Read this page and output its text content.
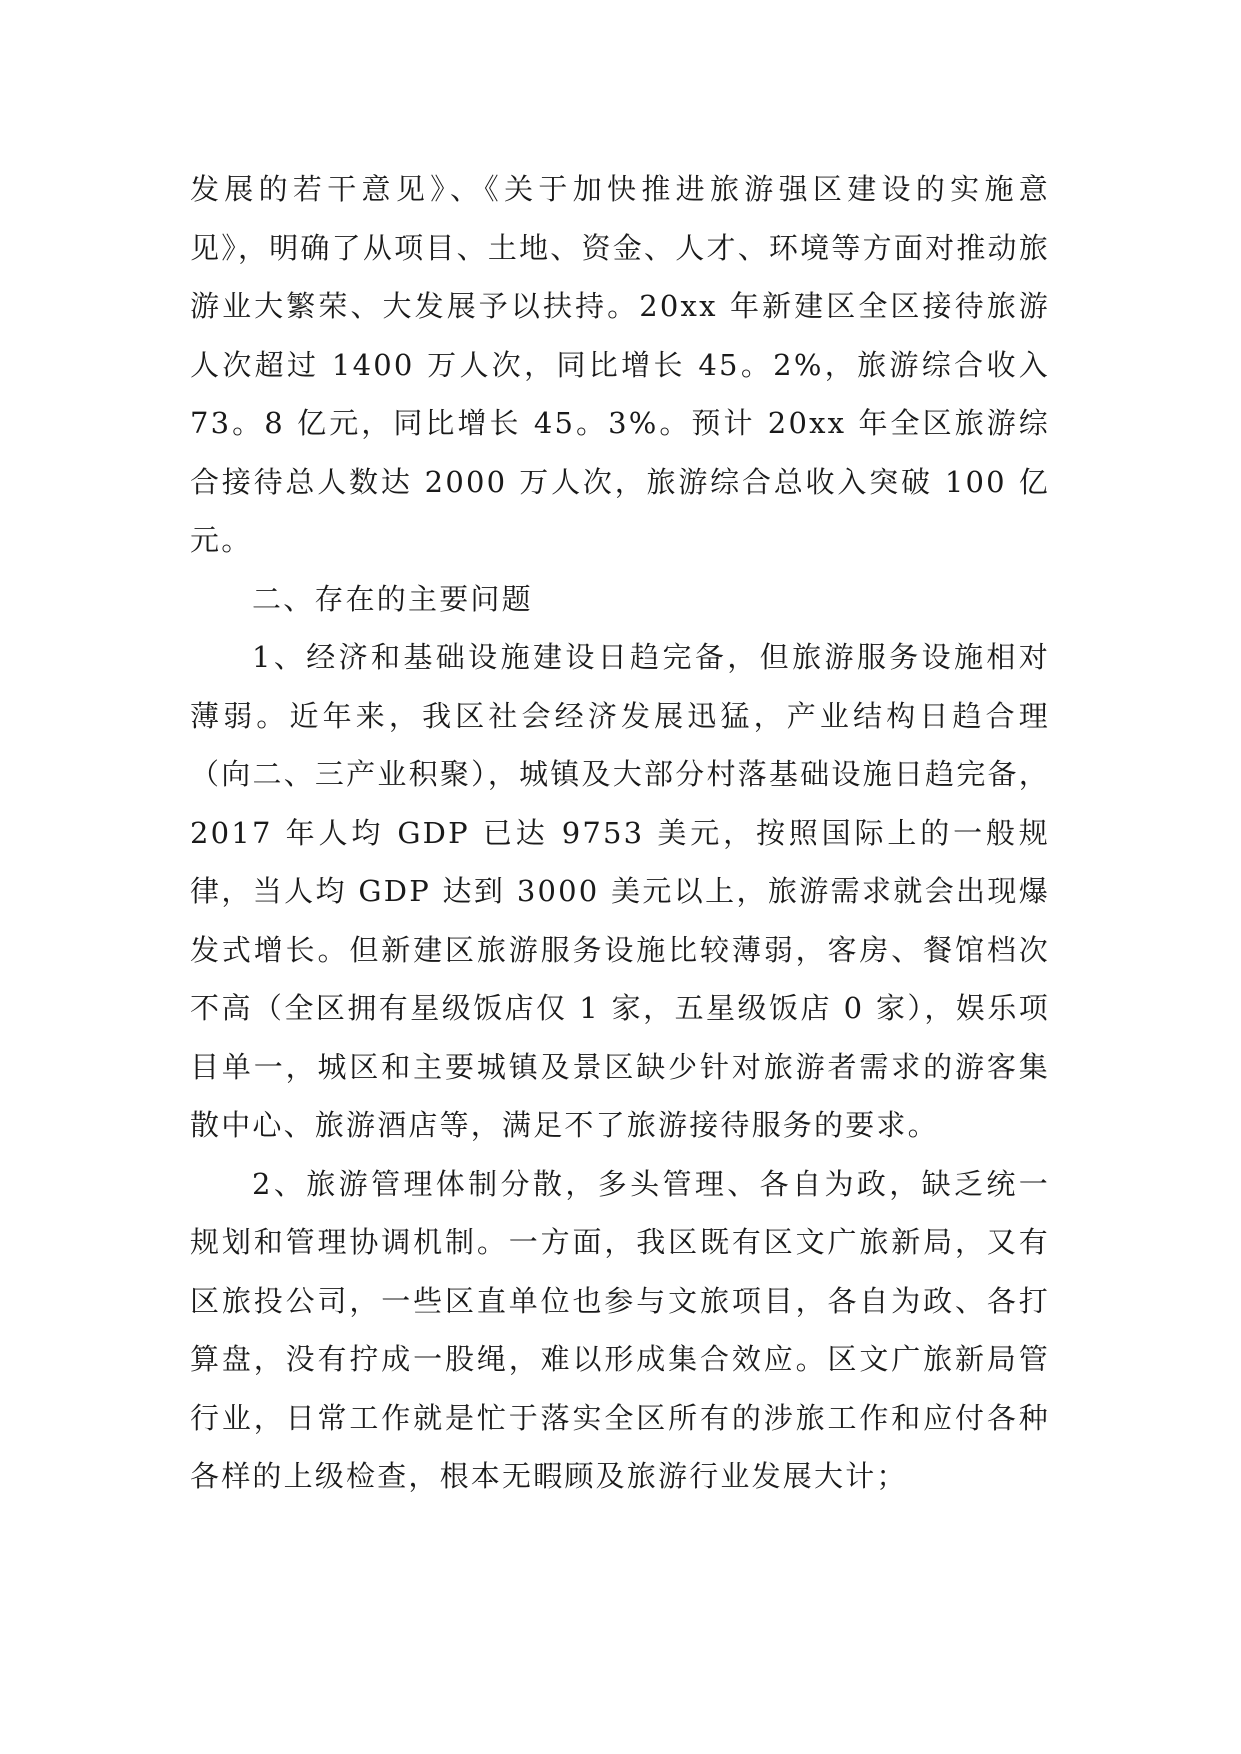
发展的若干意见》、《关于加快推进旅游强区建设的实施意见》，明确了从项目、土地、资金、人才、环境等方面对推动旅游业大繁荣、大发展予以扶持。20xx 年新建区全区接待旅游人次超过 1400 万人次，同比增长 45。2%，旅游综合收入 73。8 亿元，同比增长 45。3%。预计 20xx 年全区旅游综合接待总人数达 2000 万人次，旅游综合总收入突破 100 亿元。

二、存在的主要问题

1、经济和基础设施建设日趋完备，但旅游服务设施相对薄弱。近年来，我区社会经济发展迅猛，产业结构日趋合理（向二、三产业积聚），城镇及大部分村落基础设施日趋完备，2017 年人均 GDP 已达 9753 美元，按照国际上的一般规律，当人均 GDP 达到 3000 美元以上，旅游需求就会出现爆发式增长。但新建区旅游服务设施比较薄弱，客房、餐馆档次不高（全区拥有星级饭店仅 1 家，五星级饭店 0 家），娱乐项目单一，城区和主要城镇及景区缺少针对旅游者需求的游客集散中心、旅游酒店等，满足不了旅游接待服务的要求。

2、旅游管理体制分散，多头管理、各自为政，缺乏统一规划和管理协调机制。一方面，我区既有区文广旅新局，又有区旅投公司，一些区直单位也参与文旅项目，各自为政、各打算盘，没有拧成一股绳，难以形成集合效应。区文广旅新局管行业，日常工作就是忙于落实全区所有的涉旅工作和应付各种各样的上级检查，根本无暇顾及旅游行业发展大计；
